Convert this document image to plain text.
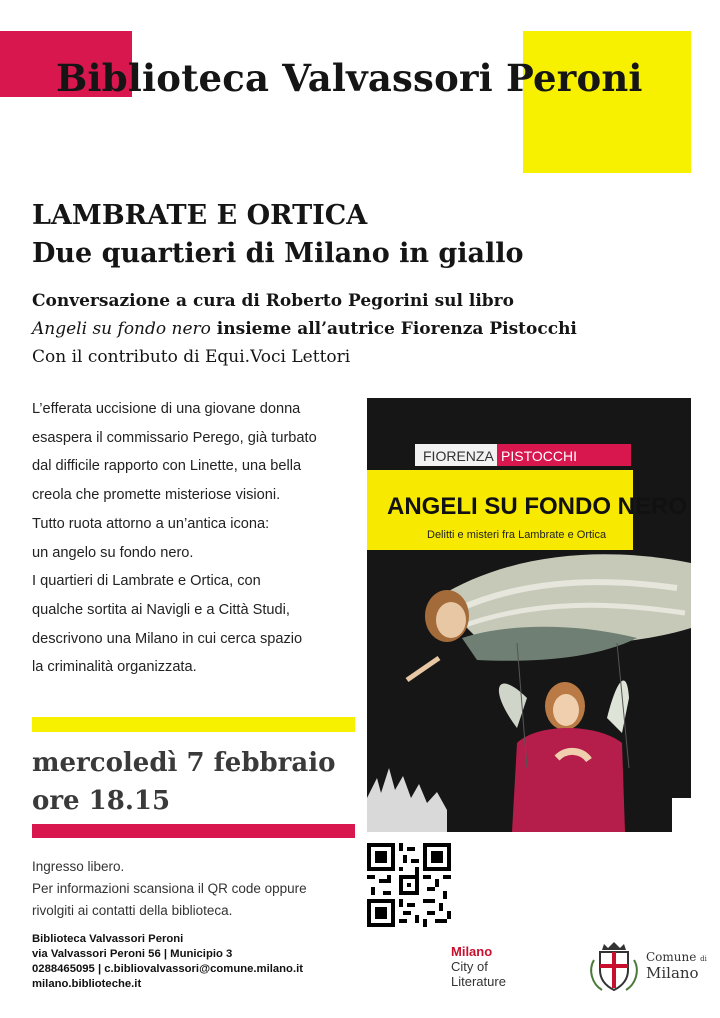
Biblioteca Valvassori Peroni
LAMBRATE E ORTICA
Due quartieri di Milano in giallo
Conversazione a cura di Roberto Pegorini sul libro
Angeli su fondo nero insieme all’autrice Fiorenza Pistocchi
Con il contributo di Equi.Voci Lettori
L’efferata uccisione di una giovane donna
esaspera il commissario Perego, già turbato
dal difficile rapporto con Linette, una bella
creola che promette misteriose visioni.
Tutto ruota attorno a un’antica icona:
un angelo su fondo nero.
I quartieri di Lambrate e Ortica, con
qualche sortita ai Navigli e a Città Studi,
descrivono una Milano in cui cerca spazio
la criminalità organizzata.
mercoledì 7 febbraio
ore 18.15
Ingresso libero.
Per informazioni scansiona il QR code oppure
rivolgiti ai contatti della biblioteca.
Biblioteca Valvassori Peroni
via Valvassori Peroni 56 | Municipio 3
0288465095 | c.bibliovalvassori@comune.milano.it
milano.biblioteche.it
FIORENZA PISTOCCHI
ANGELI SU FONDO NERO
Delitti e misteri fra Lambrate e Ortica
Milano
City of
Literature
Comune di
Milano
